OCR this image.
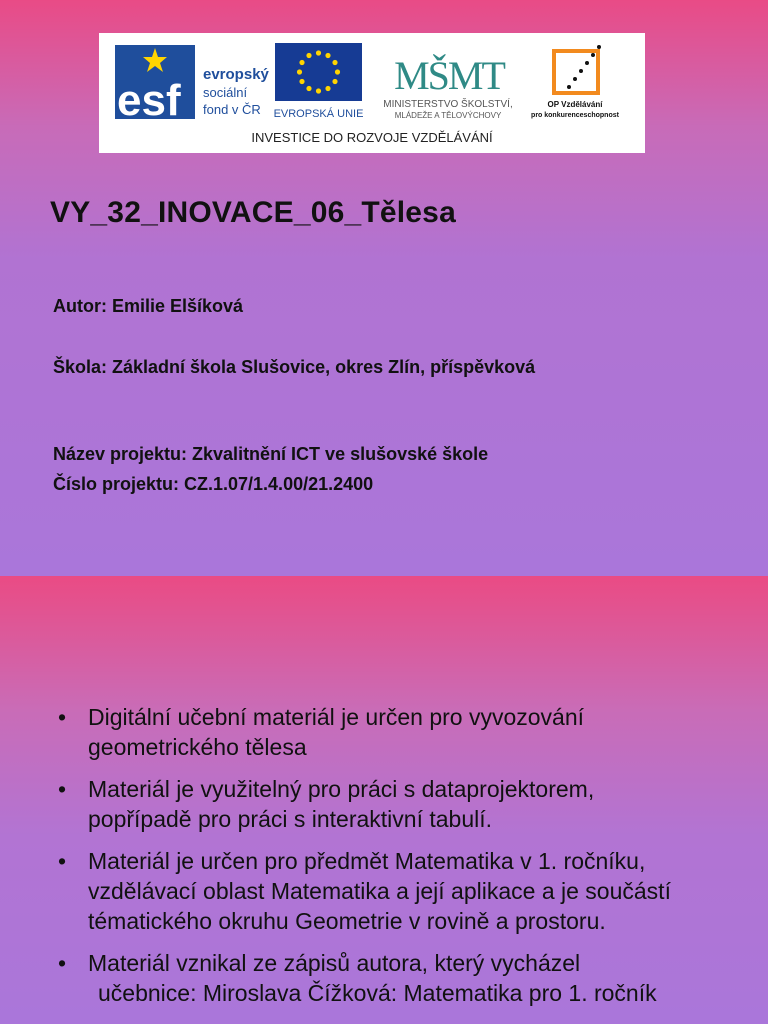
esf
evropský
sociální
fond v ČR EVROPSKÁ UNIE
MŠMT
MINISTERSTVO ŠKOLSTVÍ,
MLÁDEŽE A TĚLOVÝCHOVY
OP Vzdělávání
pro konkurenceschopnost
INVESTICE DO ROZVOJE VZDĚLÁVÁNÍ
VY_32_INOVACE_06_Tělesa

Autor: Emilie Elšíková

Škola: Základní škola Slušovice, okres Zlín, příspěvková

Název projektu: Zkvalitnění ICT ve slušovské škole

Číslo projektu: CZ.1.07/1.4.00/21.2400

• Digitální učební materiál je určen pro vyvozování
geometrického tělesa
• Materiál je využitelný pro práci s dataprojektorem,
popřípadě pro práci s interaktivní tabulí.
• Materiál je určen pro předmět Matematika v 1. ročníku,
vzdělávací oblast Matematika a její aplikace a je součástí
tématického okruhu Geometrie v rovině a prostoru.
• Materiál vznikal ze zápisů autora, který vycházel
učebnice: Miroslava Čížková: Matematika pro 1. ročník
